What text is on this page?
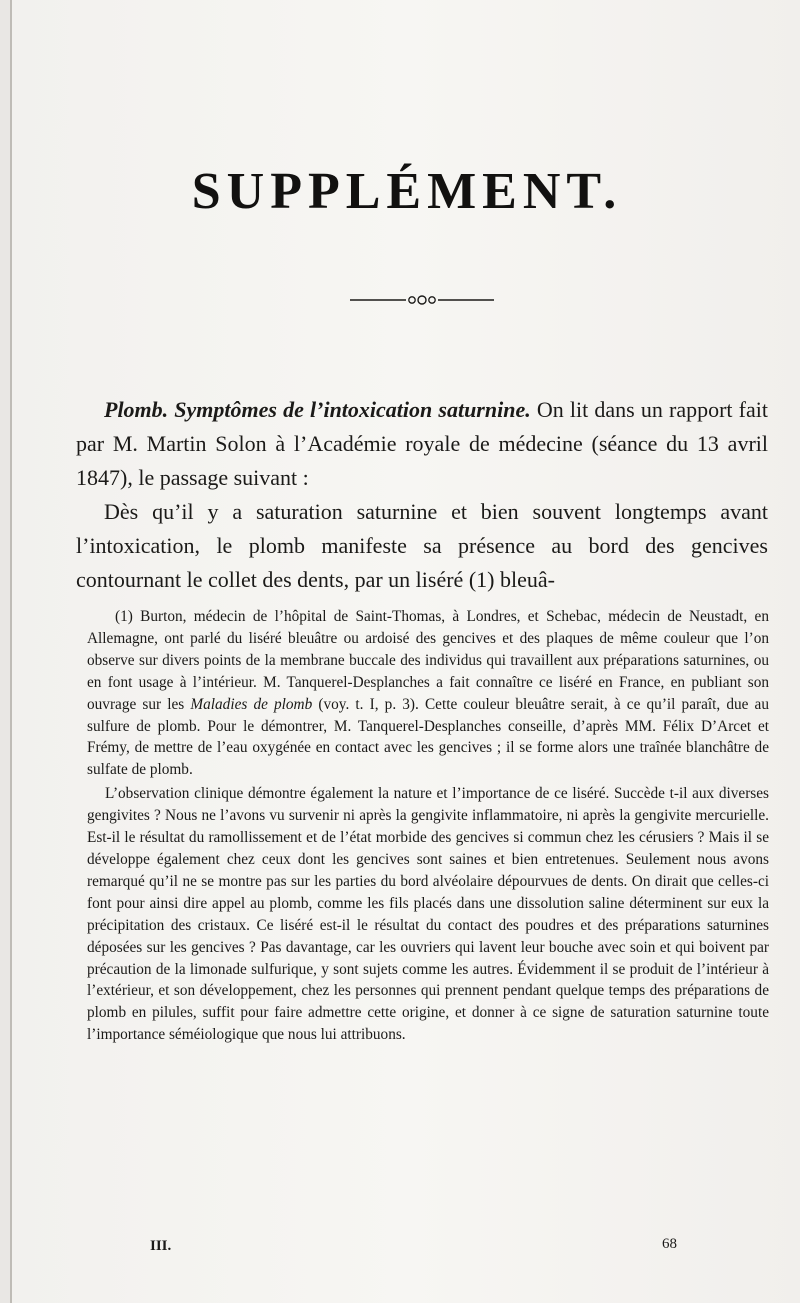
SUPPLÉMENT.

Plomb. Symptômes de l’intoxication saturnine. On lit dans un rapport fait par M. Martin Solon à l’Académie royale de médecine (séance du 13 avril 1847), le passage suivant :

Dès qu’il y a saturation saturnine et bien souvent longtemps avant l’intoxication, le plomb manifeste sa présence au bord des gencives contournant le collet des dents, par un liséré (1) bleuâ-

(1) Burton, médecin de l’hôpital de Saint-Thomas, à Londres, et Schebac, médecin de Neustadt, en Allemagne, ont parlé du liséré bleuâtre ou ardoisé des gencives et des plaques de même couleur que l’on observe sur divers points de la membrane buccale des individus qui travaillent aux préparations saturnines, ou en font usage à l’intérieur. M. Tanquerel-Desplanches a fait connaître ce liséré en France, en publiant son ouvrage sur les Maladies de plomb (voy. t. I, p. 3). Cette couleur bleuâtre serait, à ce qu’il paraît, due au sulfure de plomb. Pour le démontrer, M. Tanquerel-Desplanches conseille, d’après MM. Félix D’Arcet et Frémy, de mettre de l’eau oxygénée en contact avec les gencives ; il se forme alors une traînée blanchâtre de sulfate de plomb.

L’observation clinique démontre également la nature et l’importance de ce liséré. Succède t-il aux diverses gengivites ? Nous ne l’avons vu survenir ni après la gengivite inflammatoire, ni après la gengivite mercurielle. Est-il le résultat du ramollissement et de l’état morbide des gencives si commun chez les cérusiers ? Mais il se développe également chez ceux dont les gencives sont saines et bien entretenues. Seulement nous avons remarqué qu’il ne se montre pas sur les parties du bord alvéolaire dépourvues de dents. On dirait que celles-ci font pour ainsi dire appel au plomb, comme les fils placés dans une dissolution saline déterminent sur eux la précipitation des cristaux. Ce liséré est-il le résultat du contact des poudres et des préparations saturnines déposées sur les gencives ? Pas davantage, car les ouvriers qui lavent leur bouche avec soin et qui boivent par précaution de la limonade sulfurique, y sont sujets comme les autres. Évidemment il se produit de l’intérieur à l’extérieur, et son développement, chez les personnes qui prennent pendant quelque temps des préparations de plomb en pilules, suffit pour faire admettre cette origine, et donner à ce signe de saturation saturnine toute l’importance séméiologique que nous lui attribuons.

III.	68
